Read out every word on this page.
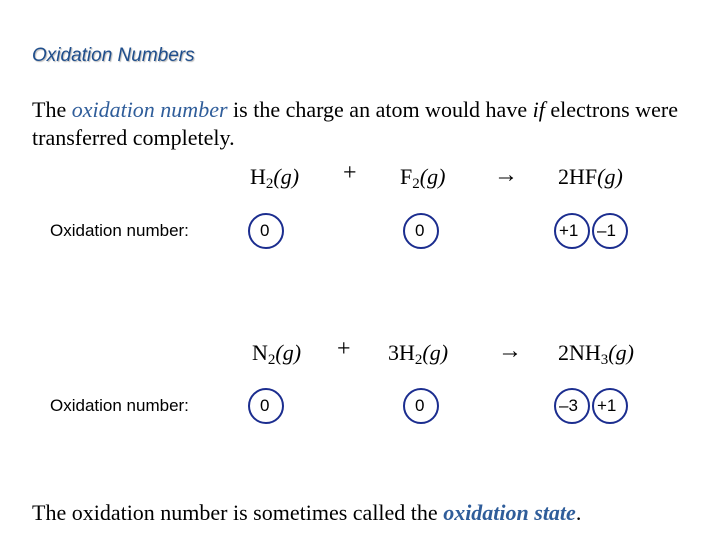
Oxidation Numbers
The oxidation number is the charge an atom would have if electrons were transferred completely.
$H_2(g) + F_2(g) \to 2HF(g)$
Oxidation number:	0	0	+1 –1
$N_2(g) + 3H_2(g) \to 2NH_3(g)$
Oxidation number:	0	0	–3 +1
The oxidation number is sometimes called the oxidation state.
